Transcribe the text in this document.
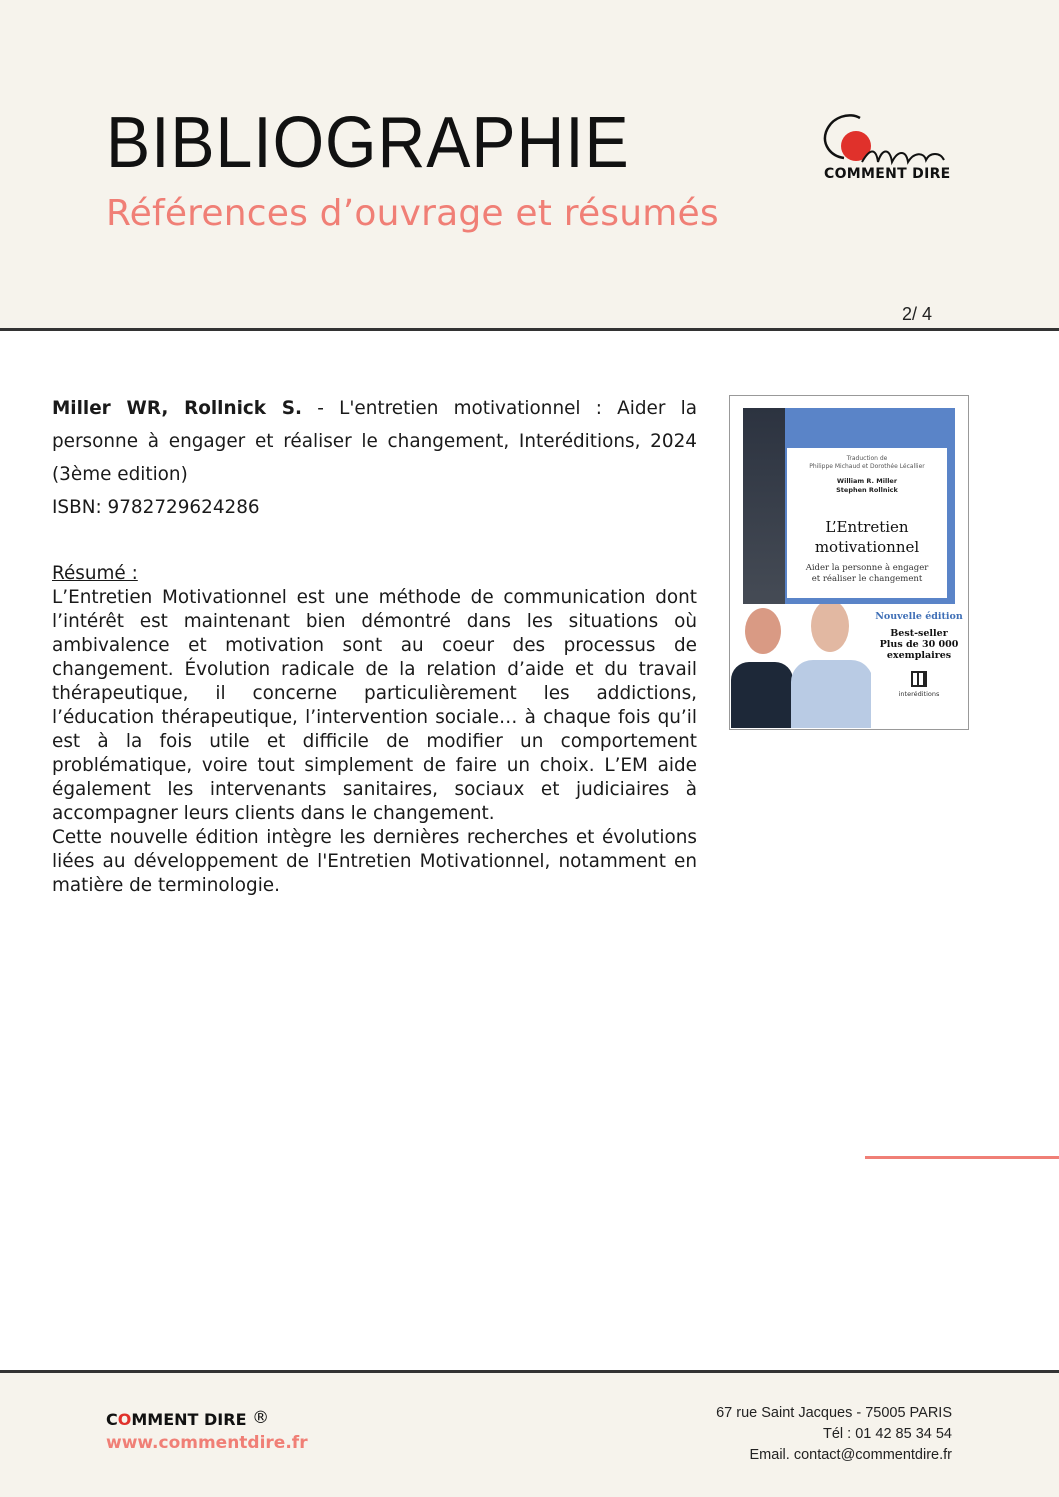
BIBLIOGRAPHIE
Références d’ouvrage et résumés
COMMENT DIRE
2/ 4
Miller WR, Rollnick S. - L'entretien motivationnel : Aider la personne à engager et réaliser le changement, Interéditions, 2024 (3ème edition)
ISBN: 9782729624286
Résumé :

L’Entretien Motivationnel est une méthode de communication dont l’intérêt est maintenant bien démontré dans les situations où ambivalence et motivation sont au coeur des processus de changement. Évolution radicale de la relation d’aide et du travail thérapeutique, il concerne particulièrement les addictions, l’éducation thérapeutique, l’intervention sociale… à chaque fois qu’il est à la fois utile et difficile de modifier un comportement problématique, voire tout simplement de faire un choix. L’EM aide également les intervenants sanitaires, sociaux et judiciaires à accompagner leurs clients dans le changement.

Cette nouvelle édition intègre les dernières recherches et évolutions liées au développement de l'Entretien Motivationnel, notamment en matière de terminologie.

Traduction de
Philippe Michaud et Dorothée Lécallier
William R. Miller
Stephen Rollnick
L’Entretien
motivationnel
Aider la personne à engager
et réaliser le changement
Nouvelle édition
Best-seller
Plus de 30 000
exemplaires
interéditions
COMMENT DIRE ®
www.commentdire.fr
67 rue Saint Jacques - 75005 PARIS
Tél : 01 42 85 34 54
Email. contact@commentdire.fr
